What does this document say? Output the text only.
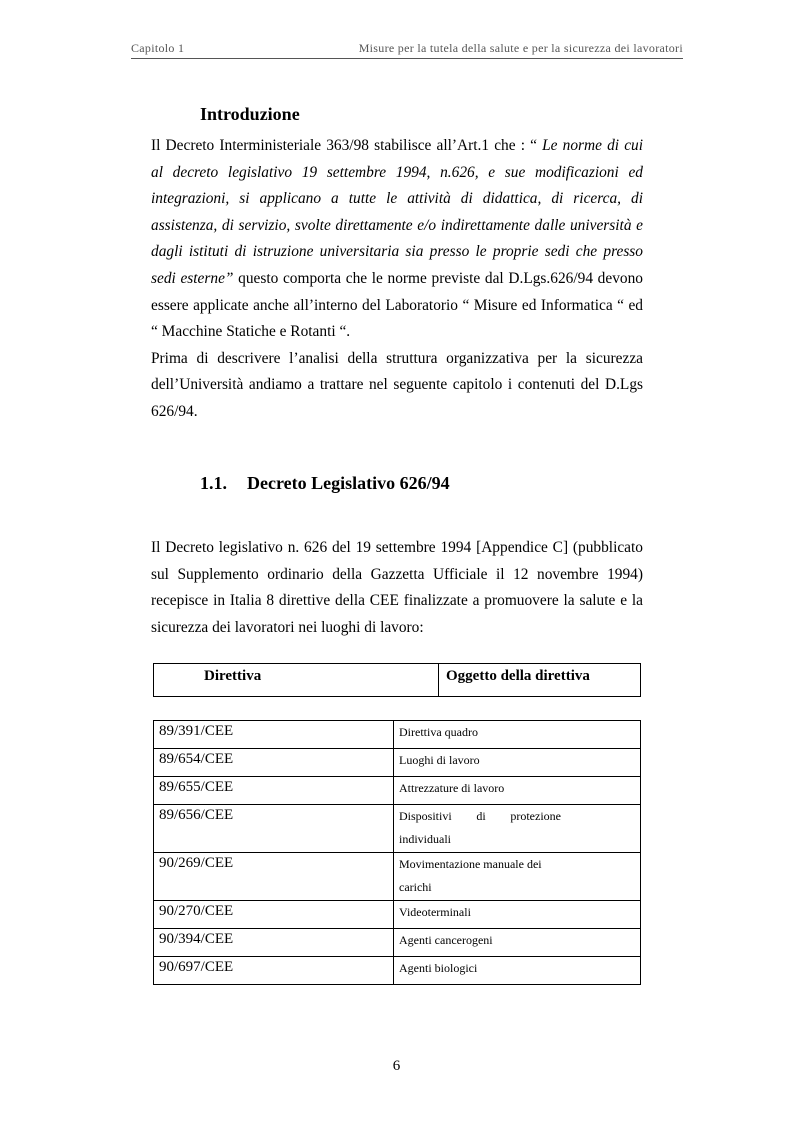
Capitolo 1	Misure per la tutela della salute e per la sicurezza dei lavoratori
Introduzione

Il Decreto Interministeriale 363/98 stabilisce all’Art.1 che : “ Le norme di cui al decreto legislativo 19 settembre 1994, n.626, e sue modificazioni ed integrazioni, si applicano a tutte le attività di didattica, di ricerca, di assistenza, di servizio, svolte direttamente e/o indirettamente dalle università e dagli istituti di istruzione universitaria sia presso le proprie sedi che presso sedi esterne” questo comporta che le norme previste dal D.Lgs.626/94 devono essere applicate anche all’interno del Laboratorio “ Misure ed Informatica “ ed “ Macchine Statiche e Rotanti “.

Prima di descrivere l’analisi della struttura organizzativa per la sicurezza dell’Università andiamo a trattare nel seguente capitolo i contenuti del D.Lgs 626/94.

1.1. Decreto Legislativo 626/94

Il Decreto legislativo n. 626 del 19 settembre 1994 [Appendice C] (pubblicato sul Supplemento ordinario della Gazzetta Ufficiale il 12 novembre 1994) recepisce in Italia 8 direttive della CEE finalizzate a promuovere la salute e la sicurezza dei lavoratori nei luoghi di lavoro:

Direttiva	Oggetto della direttiva
89/391/CEE	Direttiva quadro
89/654/CEE	Luoghi di lavoro
89/655/CEE	Attrezzature di lavoro
89/656/CEE	Dispositivi di protezione
individuali
90/269/CEE	Movimentazione manuale dei
carichi
90/270/CEE	Videoterminali
90/394/CEE	Agenti cancerogeni
90/697/CEE	Agenti biologici
6
